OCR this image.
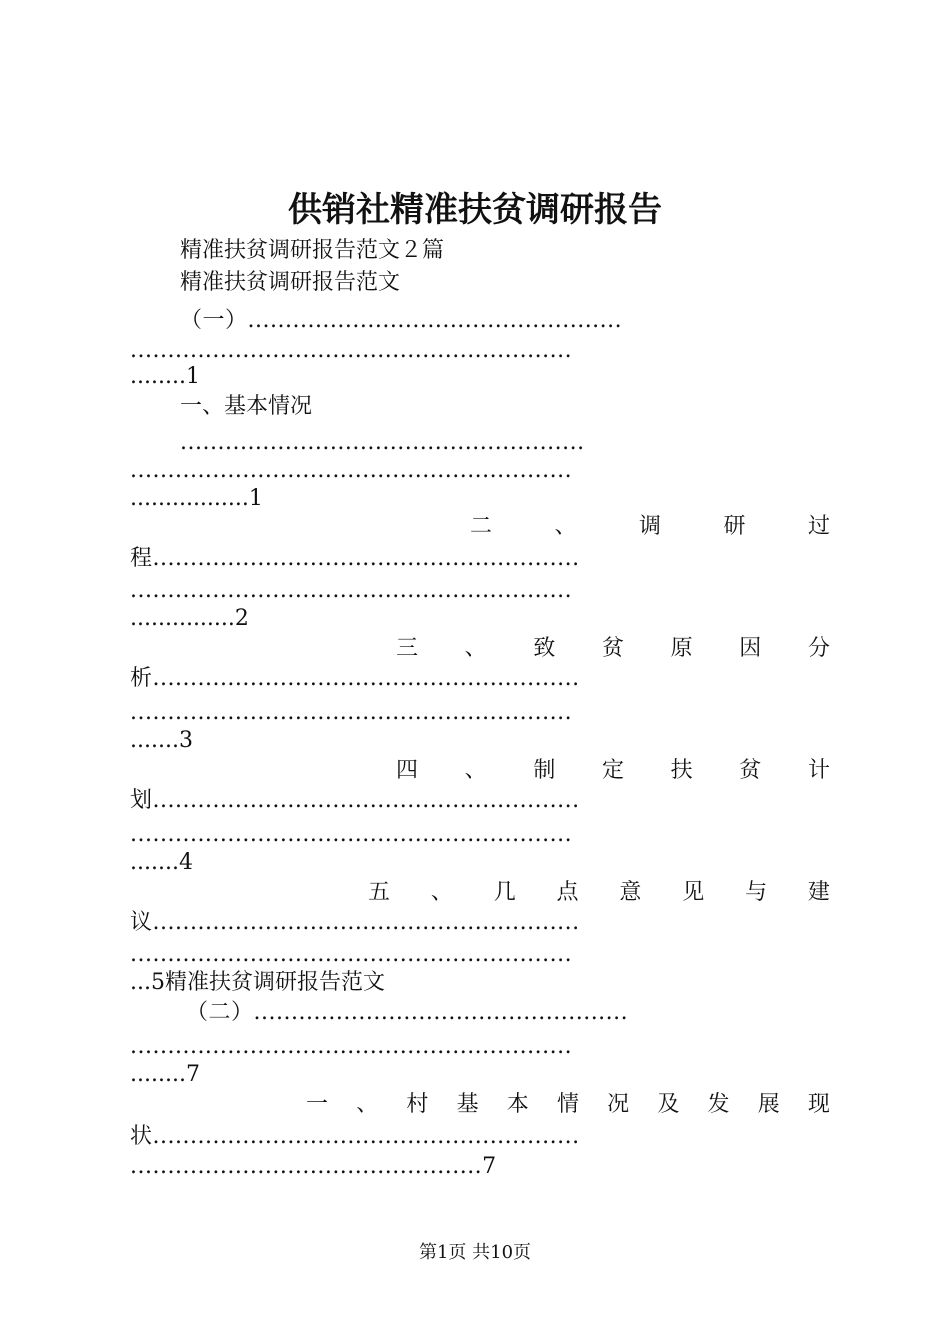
供销社精准扶贫调研报告
精准扶贫调研报告范文２篇
精准扶贫调研报告范文
（一）..................................................
...........................................................
........1
一、基本情况
......................................................
...........................................................
.................1
二	、	调	研	过
程.........................................................
...........................................................
...............2
三 、 致 贫 原 因 分
析.........................................................
...........................................................
.......3
四 、 制 定 扶 贫 计
划.........................................................
...........................................................
.......4
五 、 几 点 意 见 与 建
议.........................................................
...........................................................
...5精准扶贫调研报告范文
（二）..................................................
...........................................................
........7
一 、 村 基 本 情 况 及 发 展 现
状.........................................................
...............................................7
第1页 共10页
